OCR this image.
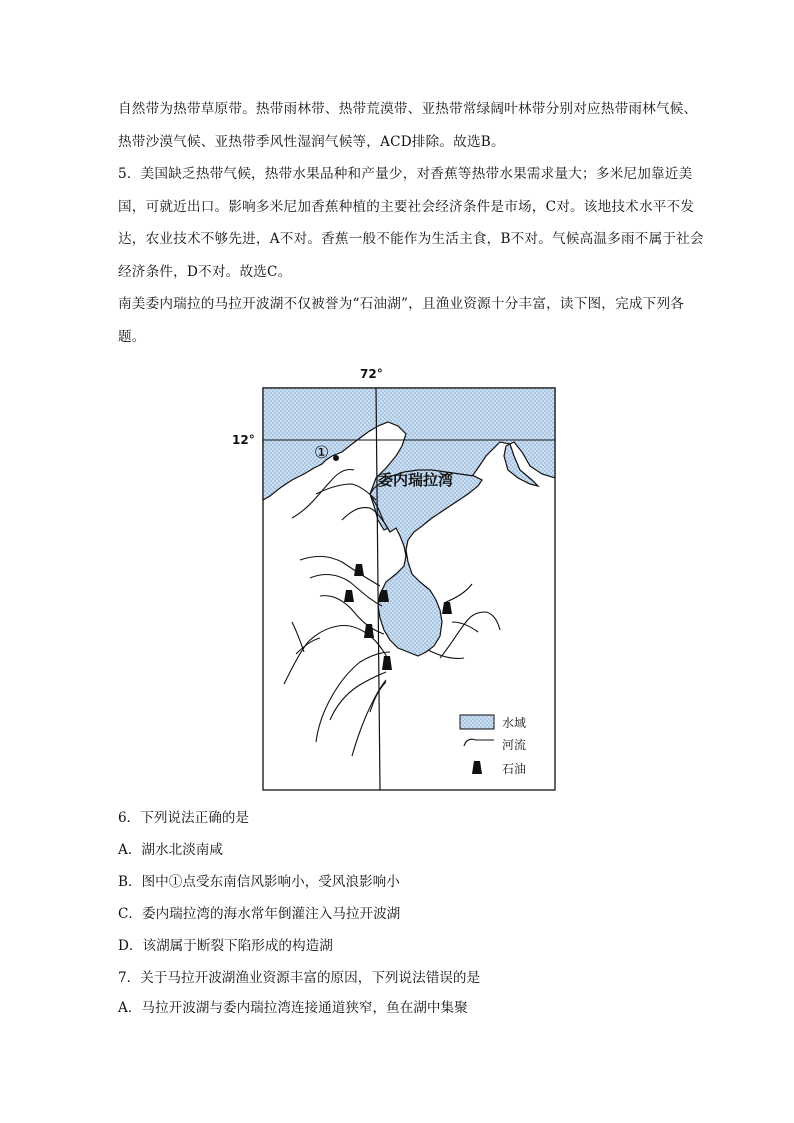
自然带为热带草原带。热带雨林带、热带荒漠带、亚热带常绿阔叶林带分别对应热带雨林气候、热带沙漠气候、亚热带季风性湿润气候等，ACD排除。故选B。

5．美国缺乏热带气候，热带水果品种和产量少，对香蕉等热带水果需求量大；多米尼加靠近美国，可就近出口。影响多米尼加香蕉种植的主要社会经济条件是市场，C对。该地技术水平不发达，农业技术不够先进，A不对。香蕉一般不能作为生活主食，B不对。气候高温多雨不属于社会经济条件，D不对。故选C。

南美委内瑞拉的马拉开波湖不仅被誉为“石油湖”，且渔业资源十分丰富，读下图，完成下列各题。

72°
12°
委内瑞拉湾
①
水域
河流
石油

6．下列说法正确的是

A．湖水北淡南咸

B．图中①点受东南信风影响小，受风浪影响小

C．委内瑞拉湾的海水常年倒灌注入马拉开波湖

D．该湖属于断裂下陷形成的构造湖

7．关于马拉开波湖渔业资源丰富的原因，下列说法错误的是

A．马拉开波湖与委内瑞拉湾连接通道狭窄，鱼在湖中集聚
